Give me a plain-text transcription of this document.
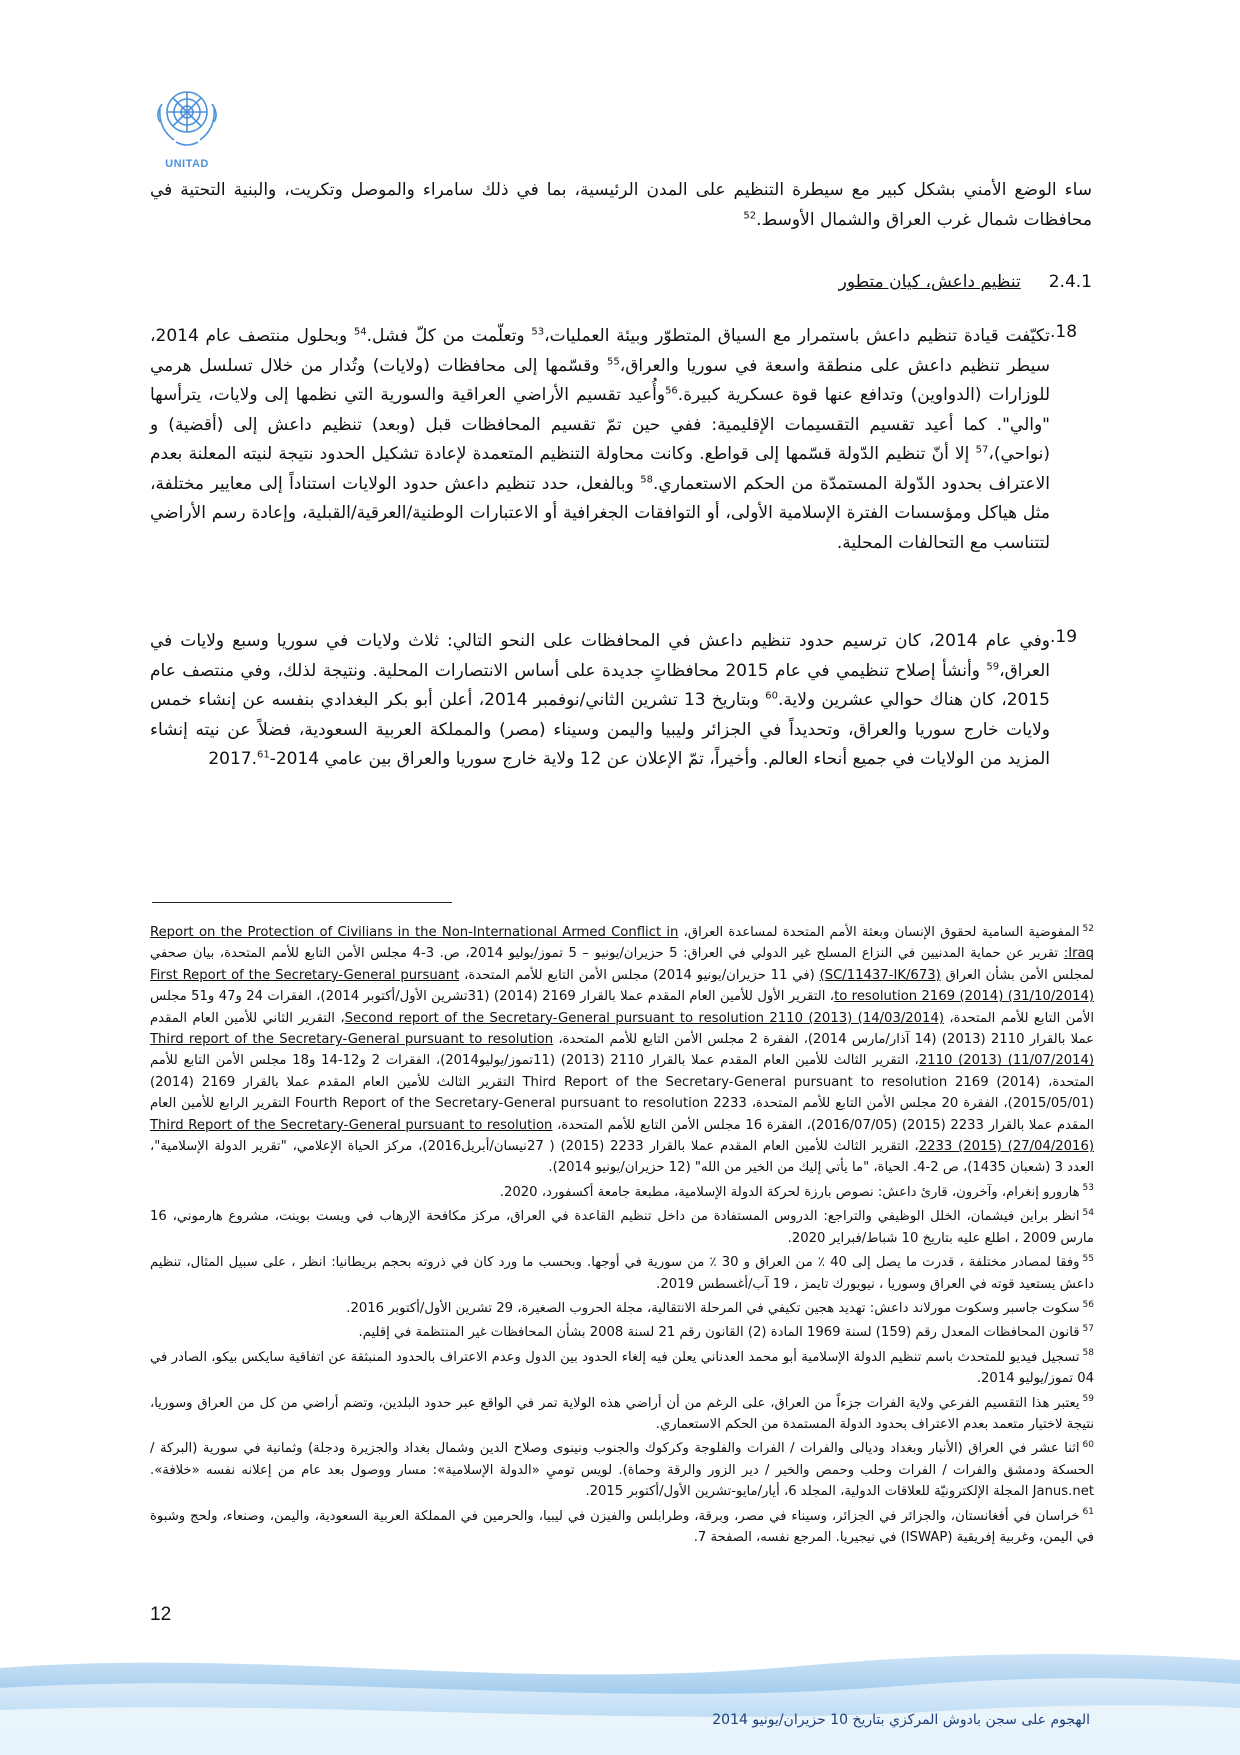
UNITAD
ساء الوضع الأمني بشكل كبير مع سيطرة التنظيم على المدن الرئيسية، بما في ذلك سامراء والموصل وتكريت، والبنية التحتية في محافظات شمال غرب العراق والشمال الأوسط.$^{52}$
2.4.1
تنظيم داعش، كيان متطور
.18
تكيّفت قيادة تنظيم داعش باستمرار مع السياق المتطوّر وبيئة العمليات،$^{53}$ وتعلّمت من كلّ فشل.$^{54}$ وبحلول منتصف عام 2014، سيطر تنظيم داعش على منطقة واسعة في سوريا والعراق،$^{55}$ وقسّمها إلى محافظات (ولايات) وتُدار من خلال تسلسل هرمي للوزارات (الدواوين) وتدافع عنها قوة عسكرية كبيرة.$^{56}$وأُعيد تقسيم الأراضي العراقية والسورية التي نظمها إلى ولايات، يترأسها "والي". كما أعيد تقسيم التقسيمات الإقليمية: ففي حين تمّ تقسيم المحافظات قبل (وبعد) تنظيم داعش إلى (أقضية) و (نواحي)،$^{57}$ إلا أنّ تنظيم الدّولة قسّمها إلى قواطع. وكانت محاولة التنظيم المتعمدة لإعادة تشكيل الحدود نتيجة لنيته المعلنة بعدم الاعتراف بحدود الدّولة المستمدّة من الحكم الاستعماري.$^{58}$ وبالفعل، حدد تنظيم داعش حدود الولايات استناداً إلى معايير مختلفة، مثل هياكل ومؤسسات الفترة الإسلامية الأولى، أو التوافقات الجغرافية أو الاعتبارات الوطنية/العرقية/القبلية، وإعادة رسم الأراضي لتتناسب مع التحالفات المحلية.
.19
وفي عام 2014، كان ترسيم حدود تنظيم داعش في المحافظات على النحو التالي: ثلاث ولايات في سوريا وسبع ولايات في العراق،$^{59}$ وأنشأ إصلاح تنظيمي في عام 2015 محافظاتٍ جديدة على أساس الانتصارات المحلية. ونتيجة لذلك، وفي منتصف عام 2015، كان هناك حوالي عشرين ولاية.$^{60}$ وبتاريخ 13 تشرين الثاني/نوفمبر 2014، أعلن أبو بكر البغدادي بنفسه عن إنشاء خمس ولايات خارج سوريا والعراق، وتحديداً في الجزائر وليبيا واليمن وسيناء (مصر) والمملكة العربية السعودية، فضلاً عن نيته إنشاء المزيد من الولايات في جميع أنحاء العالم. وأخيراً، تمّ الإعلان عن 12 ولاية خارج سوريا والعراق بين عامي 2014-2017.61
$^{52}$المفوضية السامية لحقوق الإنسان وبعثة الأمم المتحدة لمساعدة العراق، Report on the Protection of Civilians in the Non-International Armed Conflict in Iraq: تقرير عن حماية المدنيين في النزاع المسلح غير الدولي في العراق: 5 حزيران/يونيو – 5 تموز/يوليو 2014، ص. 3-4 مجلس الأمن التابع للأمم المتحدة، بيان صحفي لمجلس الأمن بشأن العراق (SC/11437-IK/673) (في 11 حزيران/يونيو 2014) مجلس الأمن التابع للأمم المتحدة، First Report of the Secretary-General pursuant to resolution 2169 (2014) (31/10/2014)، التقرير الأول للأمين العام المقدم عملا بالقرار 2169 (2014) (31تشرين الأول/أكتوبر 2014)، الفقرات 24 و47 و51 مجلس الأمن التابع للأمم المتحدة، Second report of the Secretary-General pursuant to resolution 2110 (2013) (14/03/2014)، التقرير الثاني للأمين العام المقدم عملا بالقرار 2110 (2013) (14 آذار/مارس 2014)، الفقرة 2 مجلس الأمن التابع للأمم المتحدة، Third report of the Secretary-General pursuant to resolution 2110 (2013) (11/07/2014)، التقرير الثالث للأمين العام المقدم عملا بالقرار 2110 (2013) (11تموز/يوليو2014)، الفقرات 2 و12-14 و18 مجلس الأمن التابع للأمم المتحدة، Third Report of the Secretary-General pursuant to resolution 2169 (2014) التقرير الثالث للأمين العام المقدم عملا بالقرار 2169 (2014) (2015/05/01)، الفقرة 20 مجلس الأمن التابع للأمم المتحدة، Fourth Report of the Secretary-General pursuant to resolution 2233 التقرير الرابع للأمين العام المقدم عملا بالقرار 2233 (2015) (2016/07/05)، الفقرة 16 مجلس الأمن التابع للأمم المتحدة، Third Report of the Secretary-General pursuant to resolution 2233 (2015) (27/04/2016)، التقرير الثالث للأمين العام المقدم عملا بالقرار 2233 (2015) ( 27نيسان/أبريل2016)، مركز الحياة الإعلامي، "تقرير الدولة الإسلامية"، العدد 3 (شعبان 1435)، ص 2-4. الحياة، "ما يأتي إليك من الخير من الله" (12 حزيران/يونيو 2014).
$^{53}$هارورو إنغرام، وآخرون، قارئ داعش: نصوص بارزة لحركة الدولة الإسلامية، مطبعة جامعة أكسفورد، 2020.
$^{54}$انظر براين فيشمان، الخلل الوظيفي والتراجع: الدروس المستفادة من داخل تنظيم القاعدة في العراق، مركز مكافحة الإرهاب في ويست بوينت، مشروع هارموني، 16 مارس 2009 ، اطلع عليه بتاريخ 10 شباط/فبراير 2020.
$^{55}$وفقا لمصادر مختلفة ، قدرت ما يصل إلى 40 ٪ من العراق و 30 ٪ من سورية في أوجها. وبحسب ما ورد كان في ذروته بحجم بريطانيا: انظر ، على سبيل المثال، تنظيم داعش يستعيد قوته في العراق وسوريا ، نيويورك تايمز ، 19 آب/أغسطس 2019.
$^{56}$سكوت جاسبر وسكوت مورلاند داعش: تهديد هجين تكيفي في المرحلة الانتقالية، مجلة الحروب الصغيرة، 29 تشرين الأول/أكتوبر 2016.
$^{57}$قانون المحافظات المعدل رقم (159) لسنة 1969 المادة (2) القانون رقم 21 لسنة 2008 بشأن المحافظات غير المنتظمة في إقليم.
$^{58}$تسجيل فيديو للمتحدث باسم تنظيم الدولة الإسلامية أبو محمد العدناني يعلن فيه إلغاء الحدود بين الدول وعدم الاعتراف بالحدود المنبثقة عن اتفاقية سايكس بيكو، الصادر في 04 تموز/يوليو 2014.
$^{59}$يعتبر هذا التقسيم الفرعي ولاية الفرات جزءاً من العراق، على الرغم من أن أراضي هذه الولاية تمر في الواقع عبر حدود البلدين، وتضم أراضي من كل من العراق وسوريا، نتيجة لاختيار متعمد بعدم الاعتراف بحدود الدولة المستمدة من الحكم الاستعماري.
$^{60}$اثنا عشر في العراق (الأنبار وبغداد وديالى والفرات / الفرات والفلوجة وكركوك والجنوب ونينوى وصلاح الدين وشمال بغداد والجزيرة ودجلة) وثمانية في سورية (البركة / الحسكة ودمشق والفرات / الفرات وحلب وحمص والخير / دير الزور والرقة وحماة). لويس توميِ «الدولة الإسلامية»: مسار ووصول بعد عام من إعلانه نفسه «خلافة». Janus.net المجلة الإلكترونيّة للعلاقات الدولية، المجلد 6، أيار/مايو-تشرين الأول/أكتوبر 2015.
$^{61}$خراسان في أفغانستان، والجزائر في الجزائر، وسيناء في مصر، وبرقة، وطرابلس والفيزن في ليبيا، والحرمين في المملكة العربية السعودية، واليمن، وصنعاء، ولحج وشبوة في اليمن، وغربية إفريقية (ISWAP) في نيجيريا. المرجع نفسه، الصفحة 7.
12
الهجوم على سجن بادوش المركزي بتاريخ 10 حزيران/يونيو 2014
